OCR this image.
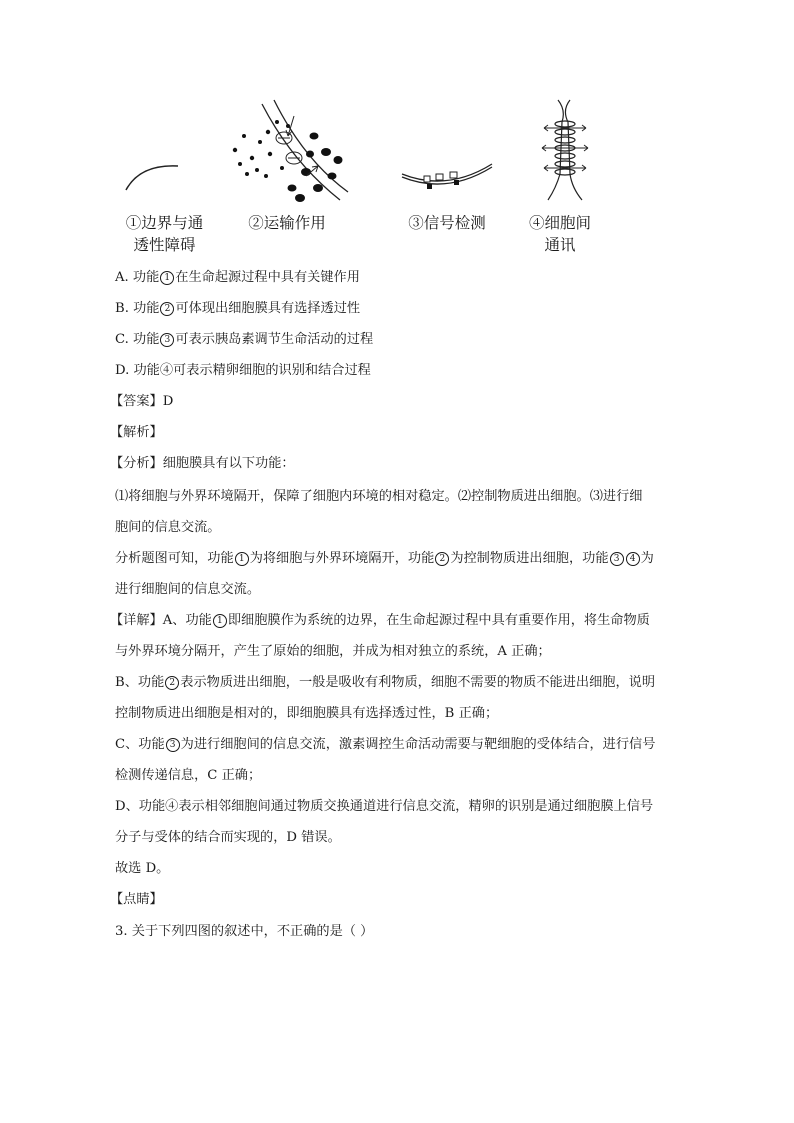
①边界与通
透性障碍
②运输作用	③信号检测	④细胞间
通讯
A. 功能 1 在生命起源过程中具有关键作用
B. 功能 2 可体现出细胞膜具有选择透过性
C. 功能 3 可表示胰岛素调节生命活动的过程
D. 功能④可表示精卵细胞的识别和结合过程
【答案】D
【解析】
【分析】细胞膜具有以下功能：
⑴将细胞与外界环境隔开，保障了细胞内环境的相对稳定。⑵控制物质进出细胞。⑶进行细
胞间的信息交流。
分析题图可知，功能 1 为将细胞与外界环境隔开，功能 2 为控制物质进出细胞，功能 3 4 为
进行细胞间的信息交流。
【详解】A、功能 1 即细胞膜作为系统的边界，在生命起源过程中具有重要作用，将生命物质
与外界环境分隔开，产生了原始的细胞，并成为相对独立的系统，A 正确；
B、功能 2 表示物质进出细胞，一般是吸收有利物质，细胞不需要的物质不能进出细胞，说明
控制物质进出细胞是相对的，即细胞膜具有选择透过性，B 正确；
C、功能 3 为进行细胞间的信息交流，激素调控生命活动需要与靶细胞的受体结合，进行信号
检测传递信息，C 正确；
D、功能④表示相邻细胞间通过物质交换通道进行信息交流，精卵的识别是通过细胞膜上信号
分子与受体的结合而实现的，D 错误。
故选 D。
【点睛】
3. 关于下列四图的叙述中，不正确的是（ ）
